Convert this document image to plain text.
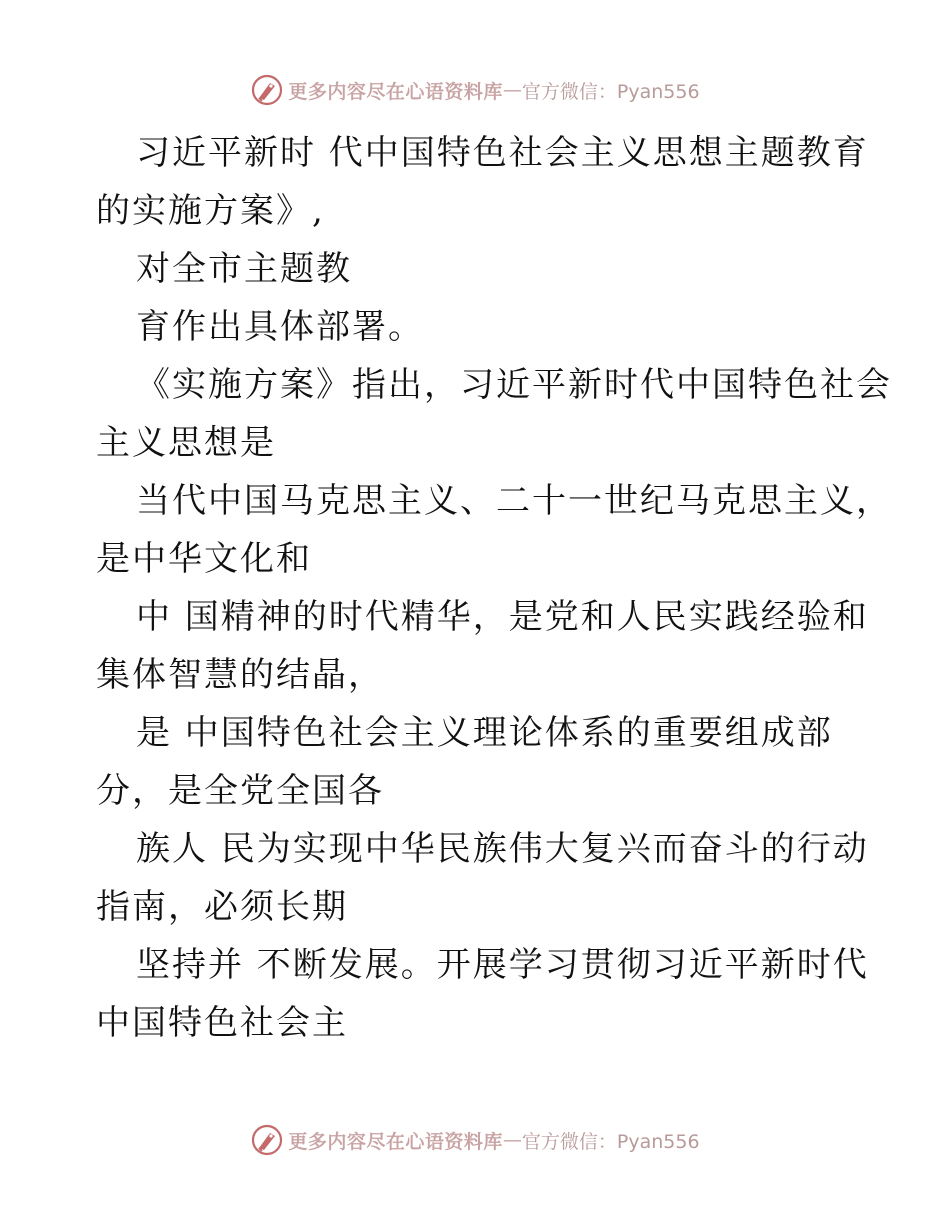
更多内容尽在心语资料库 — 官方微信：Pyan556
习近平新时 代中国特色社会主义思想主题教育
的实施方案》,
对全市主题教
育作出具体部署。
《实施方案》指出，习近平新时代中国特色社会
主义思想是
当代中国马克思主义、二十一世纪马克思主义，
是中华文化和
中 国精神的时代精华，是党和人民实践经验和
集体智慧的结晶，
是 中国特色社会主义理论体系的重要组成部
分，是全党全国各
族人 民为实现中华民族伟大复兴而奋斗的行动
指南，必须长期
坚持并 不断发展。开展学习贯彻习近平新时代
中国特色社会主
更多内容尽在心语资料库 — 官方微信：Pyan556
